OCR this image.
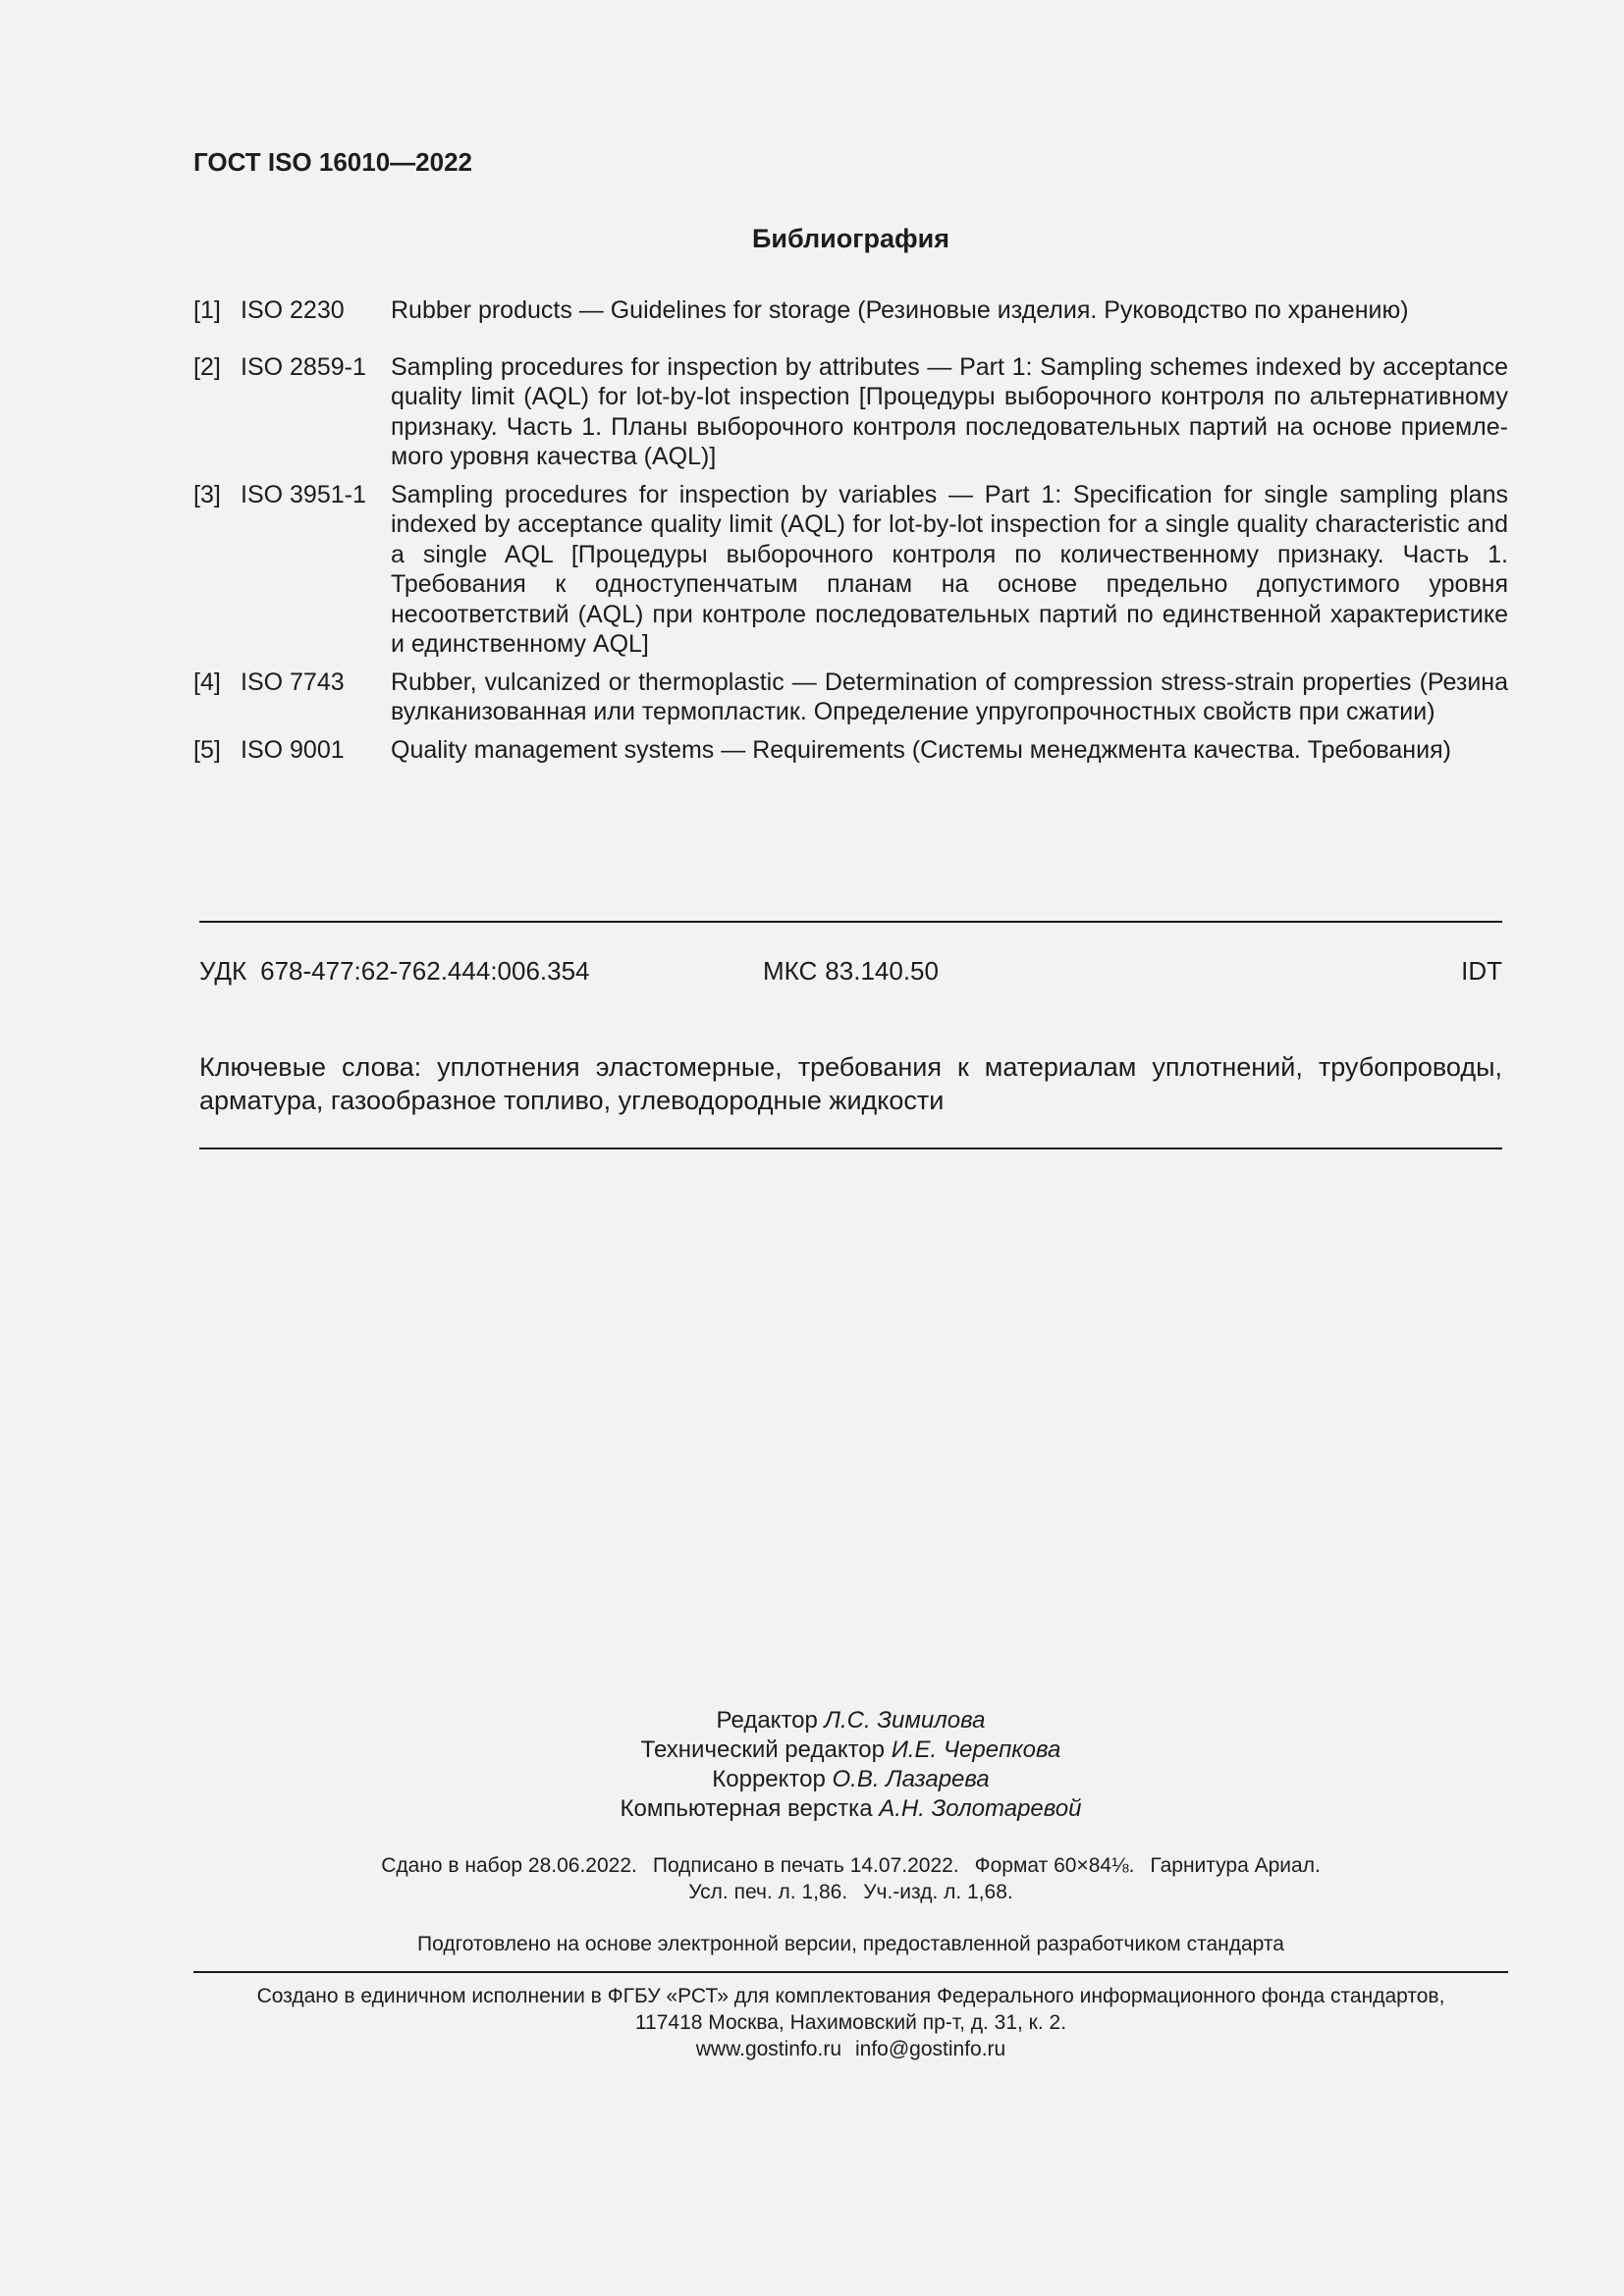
ГОСТ ISO 16010—2022

Библиография
[1] ISO 2230	Rubber products — Guidelines for storage (Резиновые изделия. Руководство по хранению)
[2] ISO 2859-1	Sampling procedures for inspection by attributes — Part 1: Sampling schemes indexed by acceptance quality limit (AQL) for lot-by-lot inspection [Процедуры выборочного контроля по альтернативному признаку. Часть 1. Планы выборочного контроля последовательных партий на основе приемлемого уровня качества (AQL)]
[3] ISO 3951-1	Sampling procedures for inspection by variables — Part 1: Specification for single sampling plans indexed by acceptance quality limit (AQL) for lot-by-lot inspection for a single quality characteristic and a single AQL [Процедуры выборочного контроля по количественному признаку. Часть 1. Требования к одноступенчатым планам на основе предельно допустимого уровня несоответствий (AQL) при контроле последовательных партий по единственной характеристике и единственному AQL]
[4] ISO 7743	Rubber, vulcanized or thermoplastic — Determination of compression stress-strain properties (Резина вулканизованная или термопластик. Определение упругопрочностных свойств при сжатии)
[5] ISO 9001	Quality management systems — Requirements (Системы менеджмента качества. Требования)
УДК 678-477:62-762.444:006.354	МКС 83.140.50	IDT

Ключевые слова: уплотнения эластомерные, требования к материалам уплотнений, трубопроводы, арматура, газообразное топливо, углеводородные жидкости

Редактор Л.С. Зимилова
Технический редактор И.Е. Черепкова
Корректор О.В. Лазарева
Компьютерная верстка А.Н. Золотаревой
Сдано в набор 28.06.2022. Подписано в печать 14.07.2022. Формат 60×84⅛. Гарнитура Ариал.
Усл. печ. л. 1,86. Уч.-изд. л. 1,68.
Подготовлено на основе электронной версии, предоставленной разработчиком стандарта
Создано в единичном исполнении в ФГБУ «РСТ» для комплектования Федерального информационного фонда стандартов,
117418 Москва, Нахимовский пр-т, д. 31, к. 2.
www.gostinfo.ru info@gostinfo.ru
